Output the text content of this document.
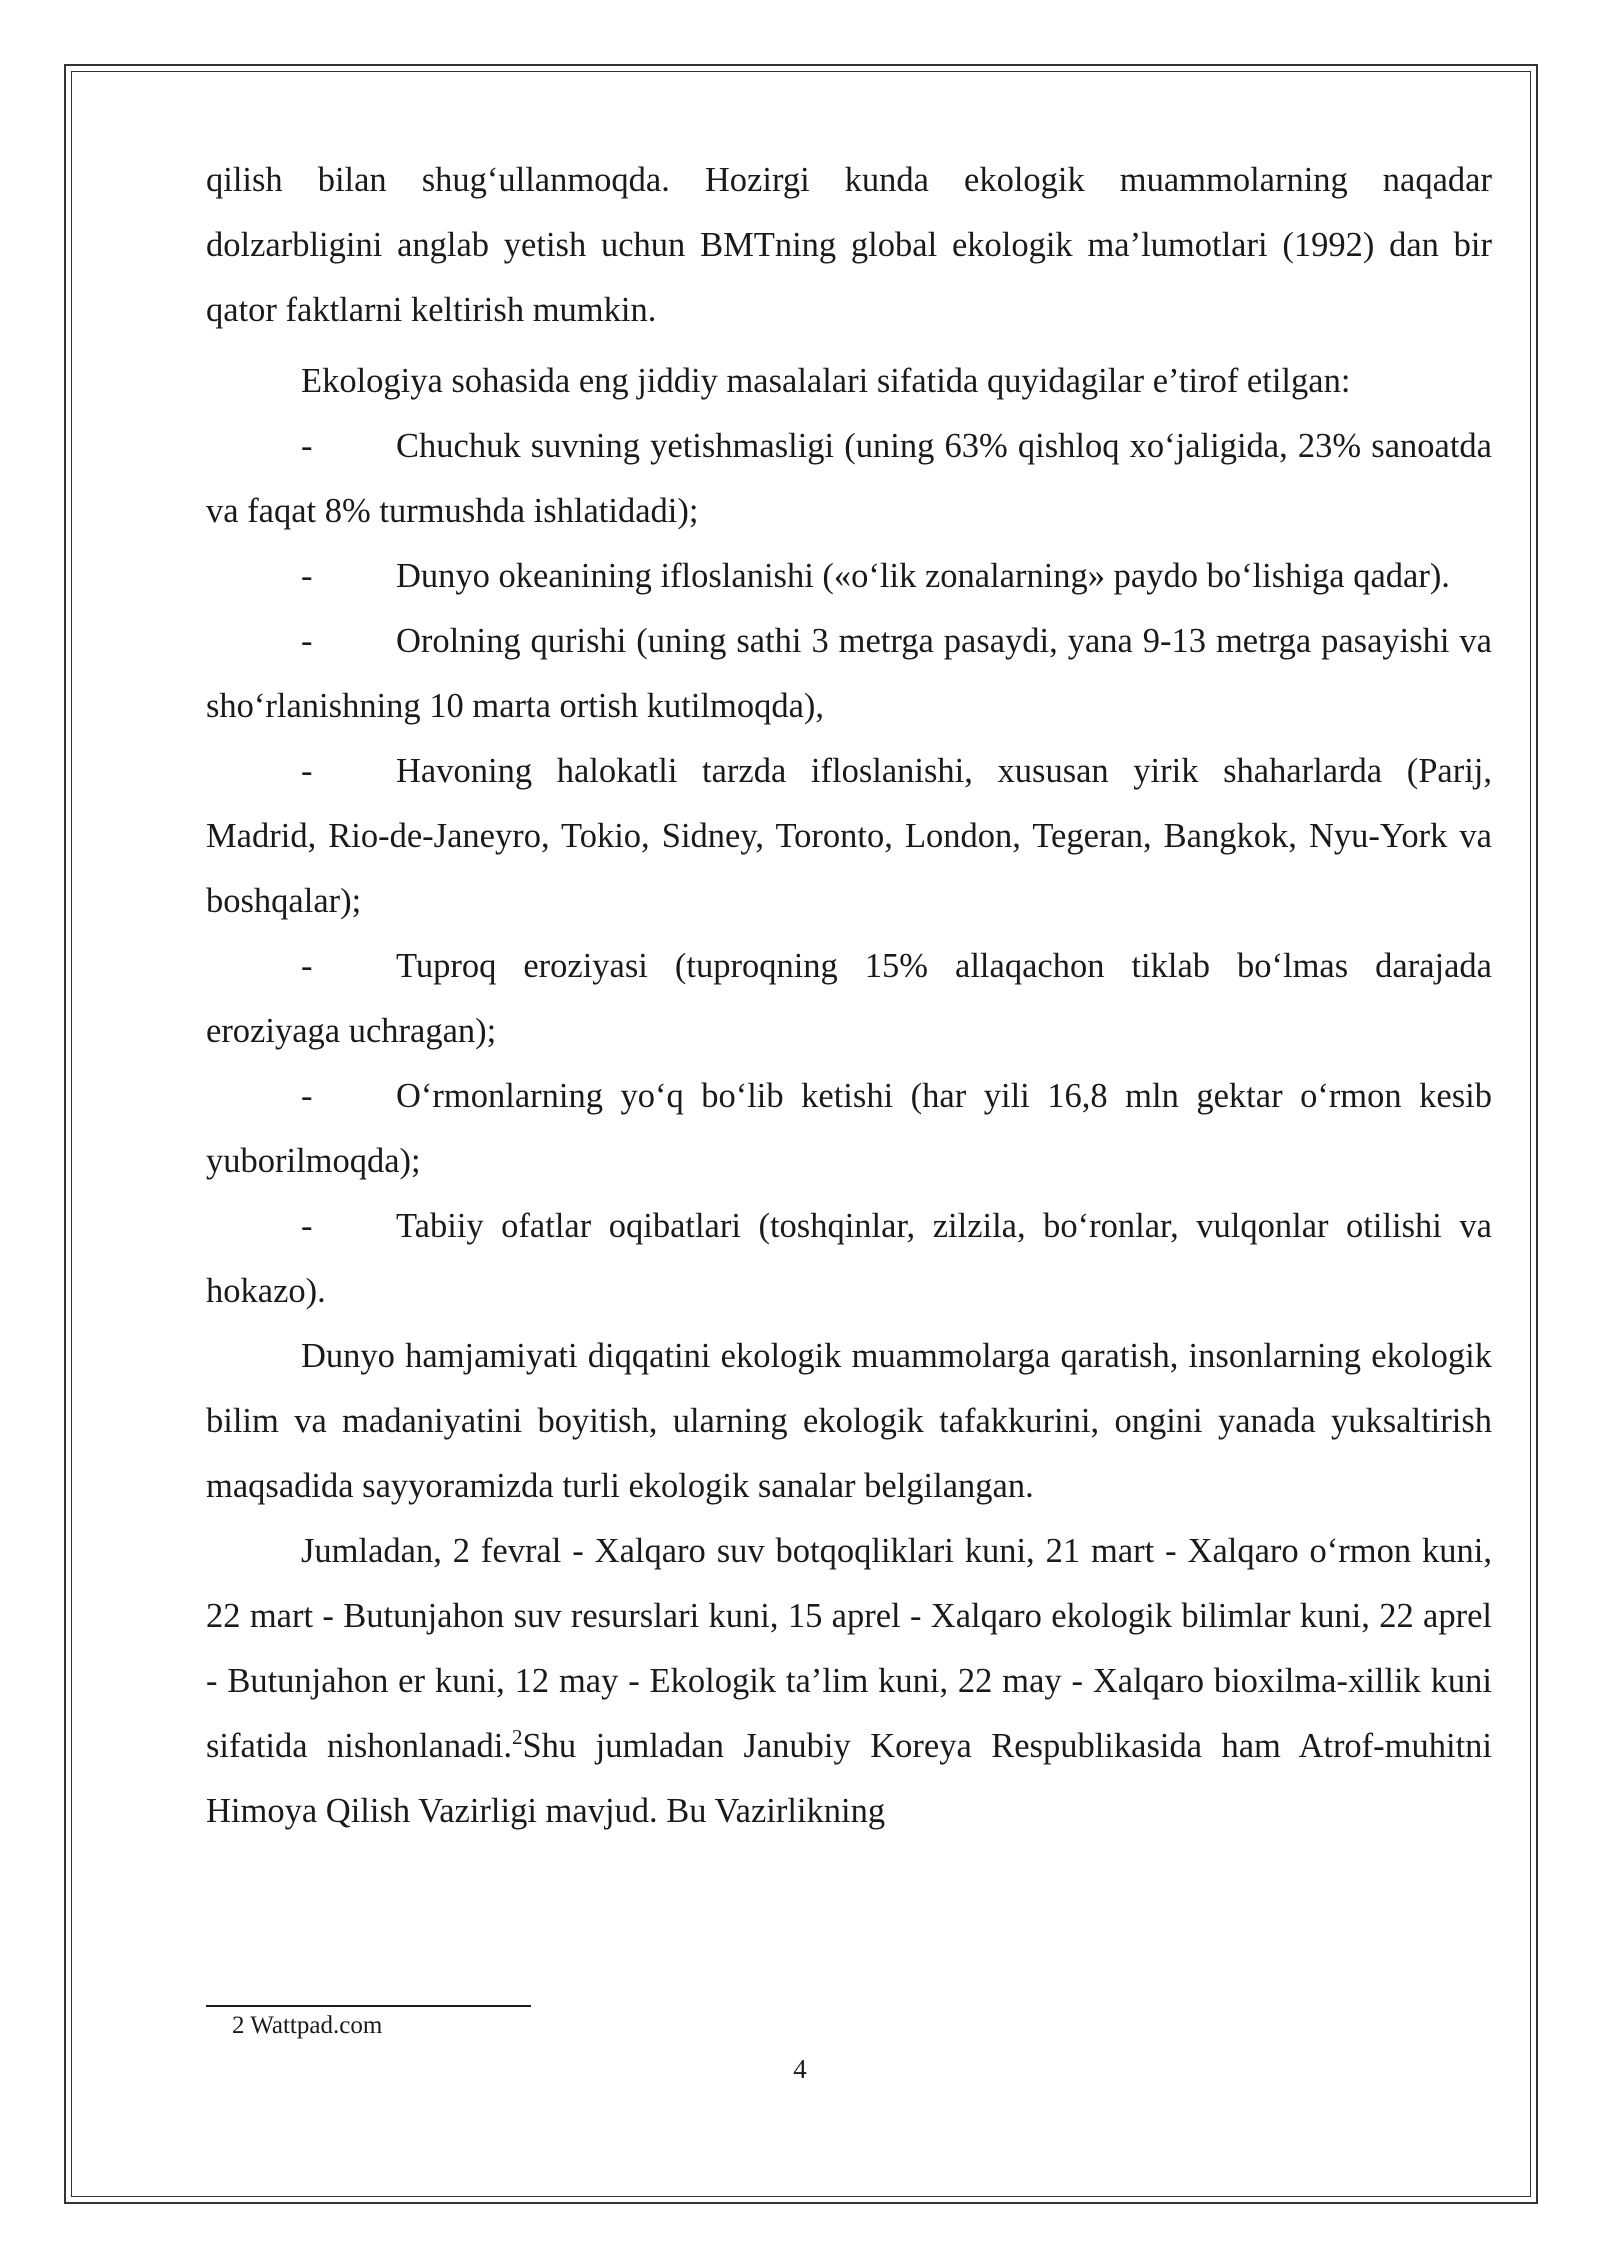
qilish bilan shug‘ullanmoqda. Hozirgi kunda ekologik muammolarning naqadar dolzarbligini anglab yetish uchun BMTning global ekologik ma’lumotlari (1992) dan bir qator faktlarni keltirish mumkin.

Ekologiya sohasida eng jiddiy masalalari sifatida quyidagilar e’tirof etilgan:

- Chuchuk suvning yetishmasligi (uning 63% qishloq xo‘jaligida, 23% sanoatda va faqat 8% turmushda ishlatidadi);

- Dunyo okeanining ifloslanishi («o‘lik zonalarning» paydo bo‘lishiga qadar).

- Orolning qurishi (uning sathi 3 metrga pasaydi, yana 9-13 metrga pasayishi va sho‘rlanishning 10 marta ortish kutilmoqda),

- Havoning halokatli tarzda ifloslanishi, xususan yirik shaharlarda (Parij, Madrid, Rio-de-Janeyro, Tokio, Sidney, Toronto, London, Tegeran, Bangkok, Nyu-York va boshqalar);

- Tuproq eroziyasi (tuproqning 15% allaqachon tiklab bo‘lmas darajada eroziyaga uchragan);

- O‘rmonlarning yo‘q bo‘lib ketishi (har yili 16,8 mln gektar o‘rmon kesib yuborilmoqda);

- Tabiiy ofatlar oqibatlari (toshqinlar, zilzila, bo‘ronlar, vulqonlar otilishi va hokazo).

Dunyo hamjamiyati diqqatini ekologik muammolarga qaratish, insonlarning ekologik bilim va madaniyatini boyitish, ularning ekologik tafakkurini, ongini yanada yuksaltirish maqsadida sayyoramizda turli ekologik sanalar belgilangan.

Jumladan, 2 fevral - Xalqaro suv botqoqliklari kuni, 21 mart - Xalqaro o‘rmon kuni, 22 mart - Butunjahon suv resurslari kuni, 15 aprel - Xalqaro ekologik bilimlar kuni, 22 aprel - Butunjahon er kuni, 12 may - Ekologik ta’lim kuni, 22 may - Xalqaro bioxilma-xillik kuni sifatida nishonlanadi.$^2$Shu jumladan Janubiy Koreya Respublikasida ham Atrof-muhitni Himoya Qilish Vazirligi mavjud. Bu Vazirlikning

2 Wattpad.com
4
